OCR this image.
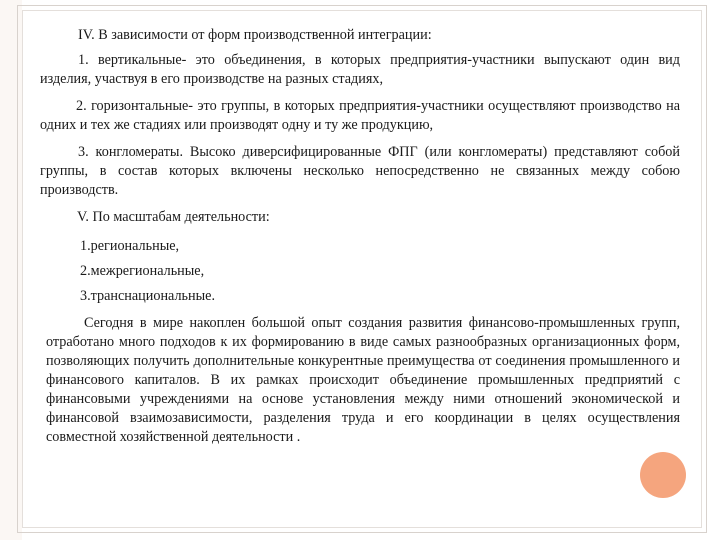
IV. В зависимости от форм производственной интеграции:

1. вертикальные- это объединения, в которых предприятия-участники выпускают один вид изделия, участвуя в его производстве на разных стадиях,

2. горизонтальные- это группы, в которых предприятия-участники осуществляют производство на одних и тех же стадиях или производят одну и ту же продукцию,

3. конгломераты. Высоко диверсифицированные ФПГ (или конгломераты) представляют собой группы, в состав которых включены несколько непосредственно не связанных между собою производств.

V. По масштабам деятельности:

1.региональные,

2.межрегиональные,

3.транснациональные.

Сегодня в мире накоплен большой опыт создания развития финансово-промышленных групп, отработано много подходов к их формированию в виде самых разнообразных организационных форм, позволяющих получить дополнительные конкурентные преимущества от соединения промышленного и финансового капиталов. В их рамках происходит объединение промышленных предприятий с финансовыми учреждениями на основе установления между ними отношений экономической и финансовой взаимозависимости, разделения труда и его координации в целях осуществления совместной хозяйственной деятельности .
